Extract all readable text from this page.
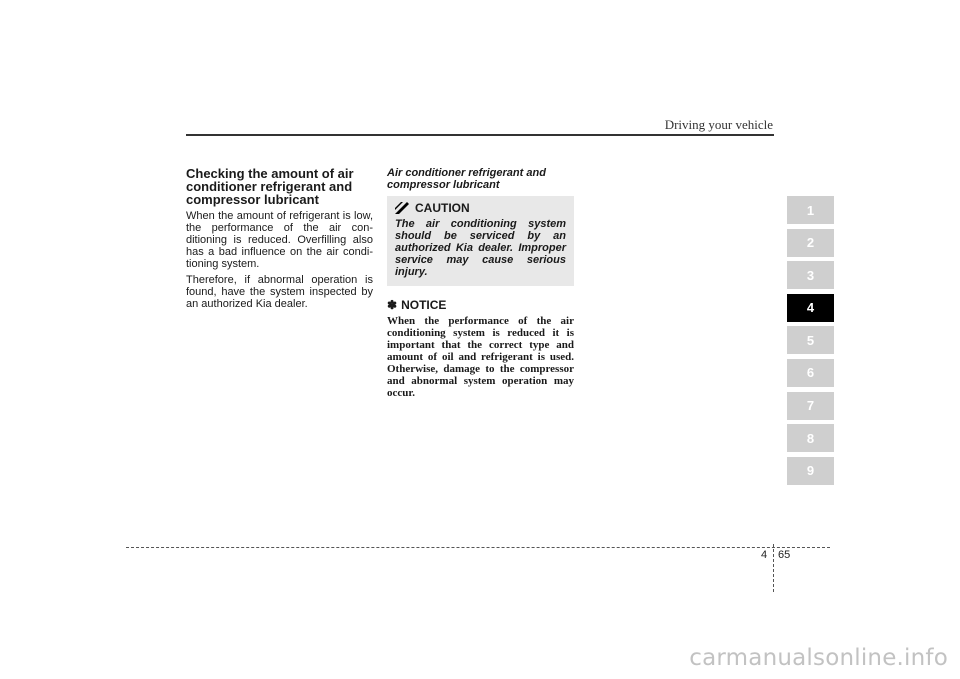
Driving your vehicle
Checking the amount of air conditioner refrigerant and compressor lubricant

When the amount of refrigerant is low, the performance of the air con-ditioning is reduced. Overfilling also has a bad influence on the air condi-tioning system.

Therefore, if abnormal operation is found, have the system inspected by an authorized Kia dealer.

Air conditioner refrigerant and compressor lubricant
CAUTION
The air conditioning system should be serviced by an authorized Kia dealer. Improper service may cause serious injury.
✽ NOTICE
When the performance of the air conditioning system is reduced it is important that the correct type and amount of oil and refrigerant is used. Otherwise, damage to the compressor and abnormal system operation may occur.
1
2
3
4
5
6
7
8
9
4 65
carmanualsonline.info
